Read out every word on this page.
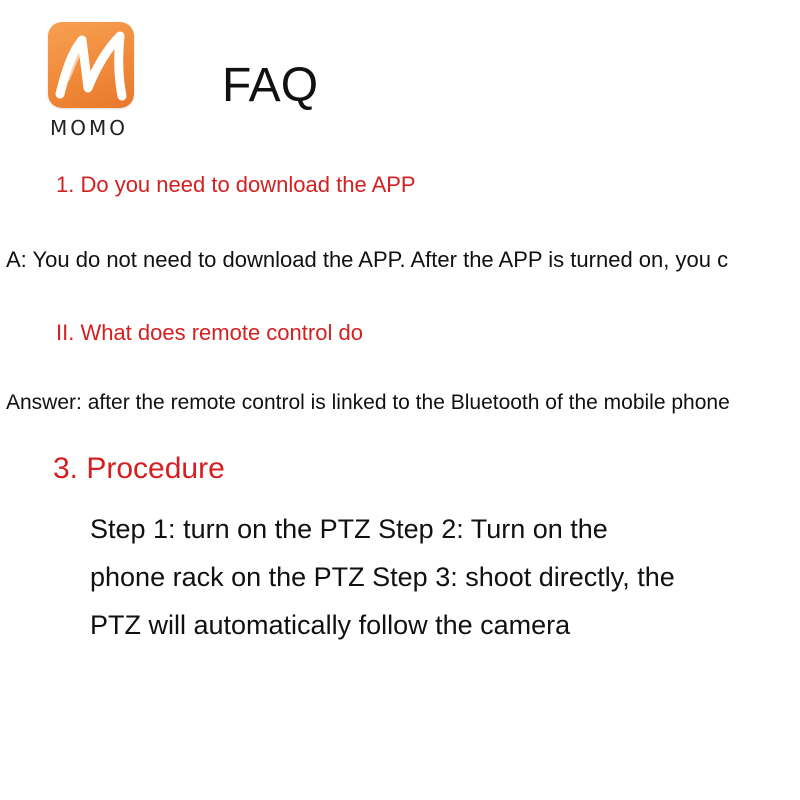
MOMO
FAQ

1. Do you need to download the APP

A: You do not need to download the APP. After the APP is turned on, you c

II. What does remote control do

Answer: after the remote control is linked to the Bluetooth of the mobile phone

3. Procedure

Step 1: turn on the PTZ Step 2: Turn on the phone rack on the PTZ Step 3: shoot directly, the PTZ will automatically follow the camera
